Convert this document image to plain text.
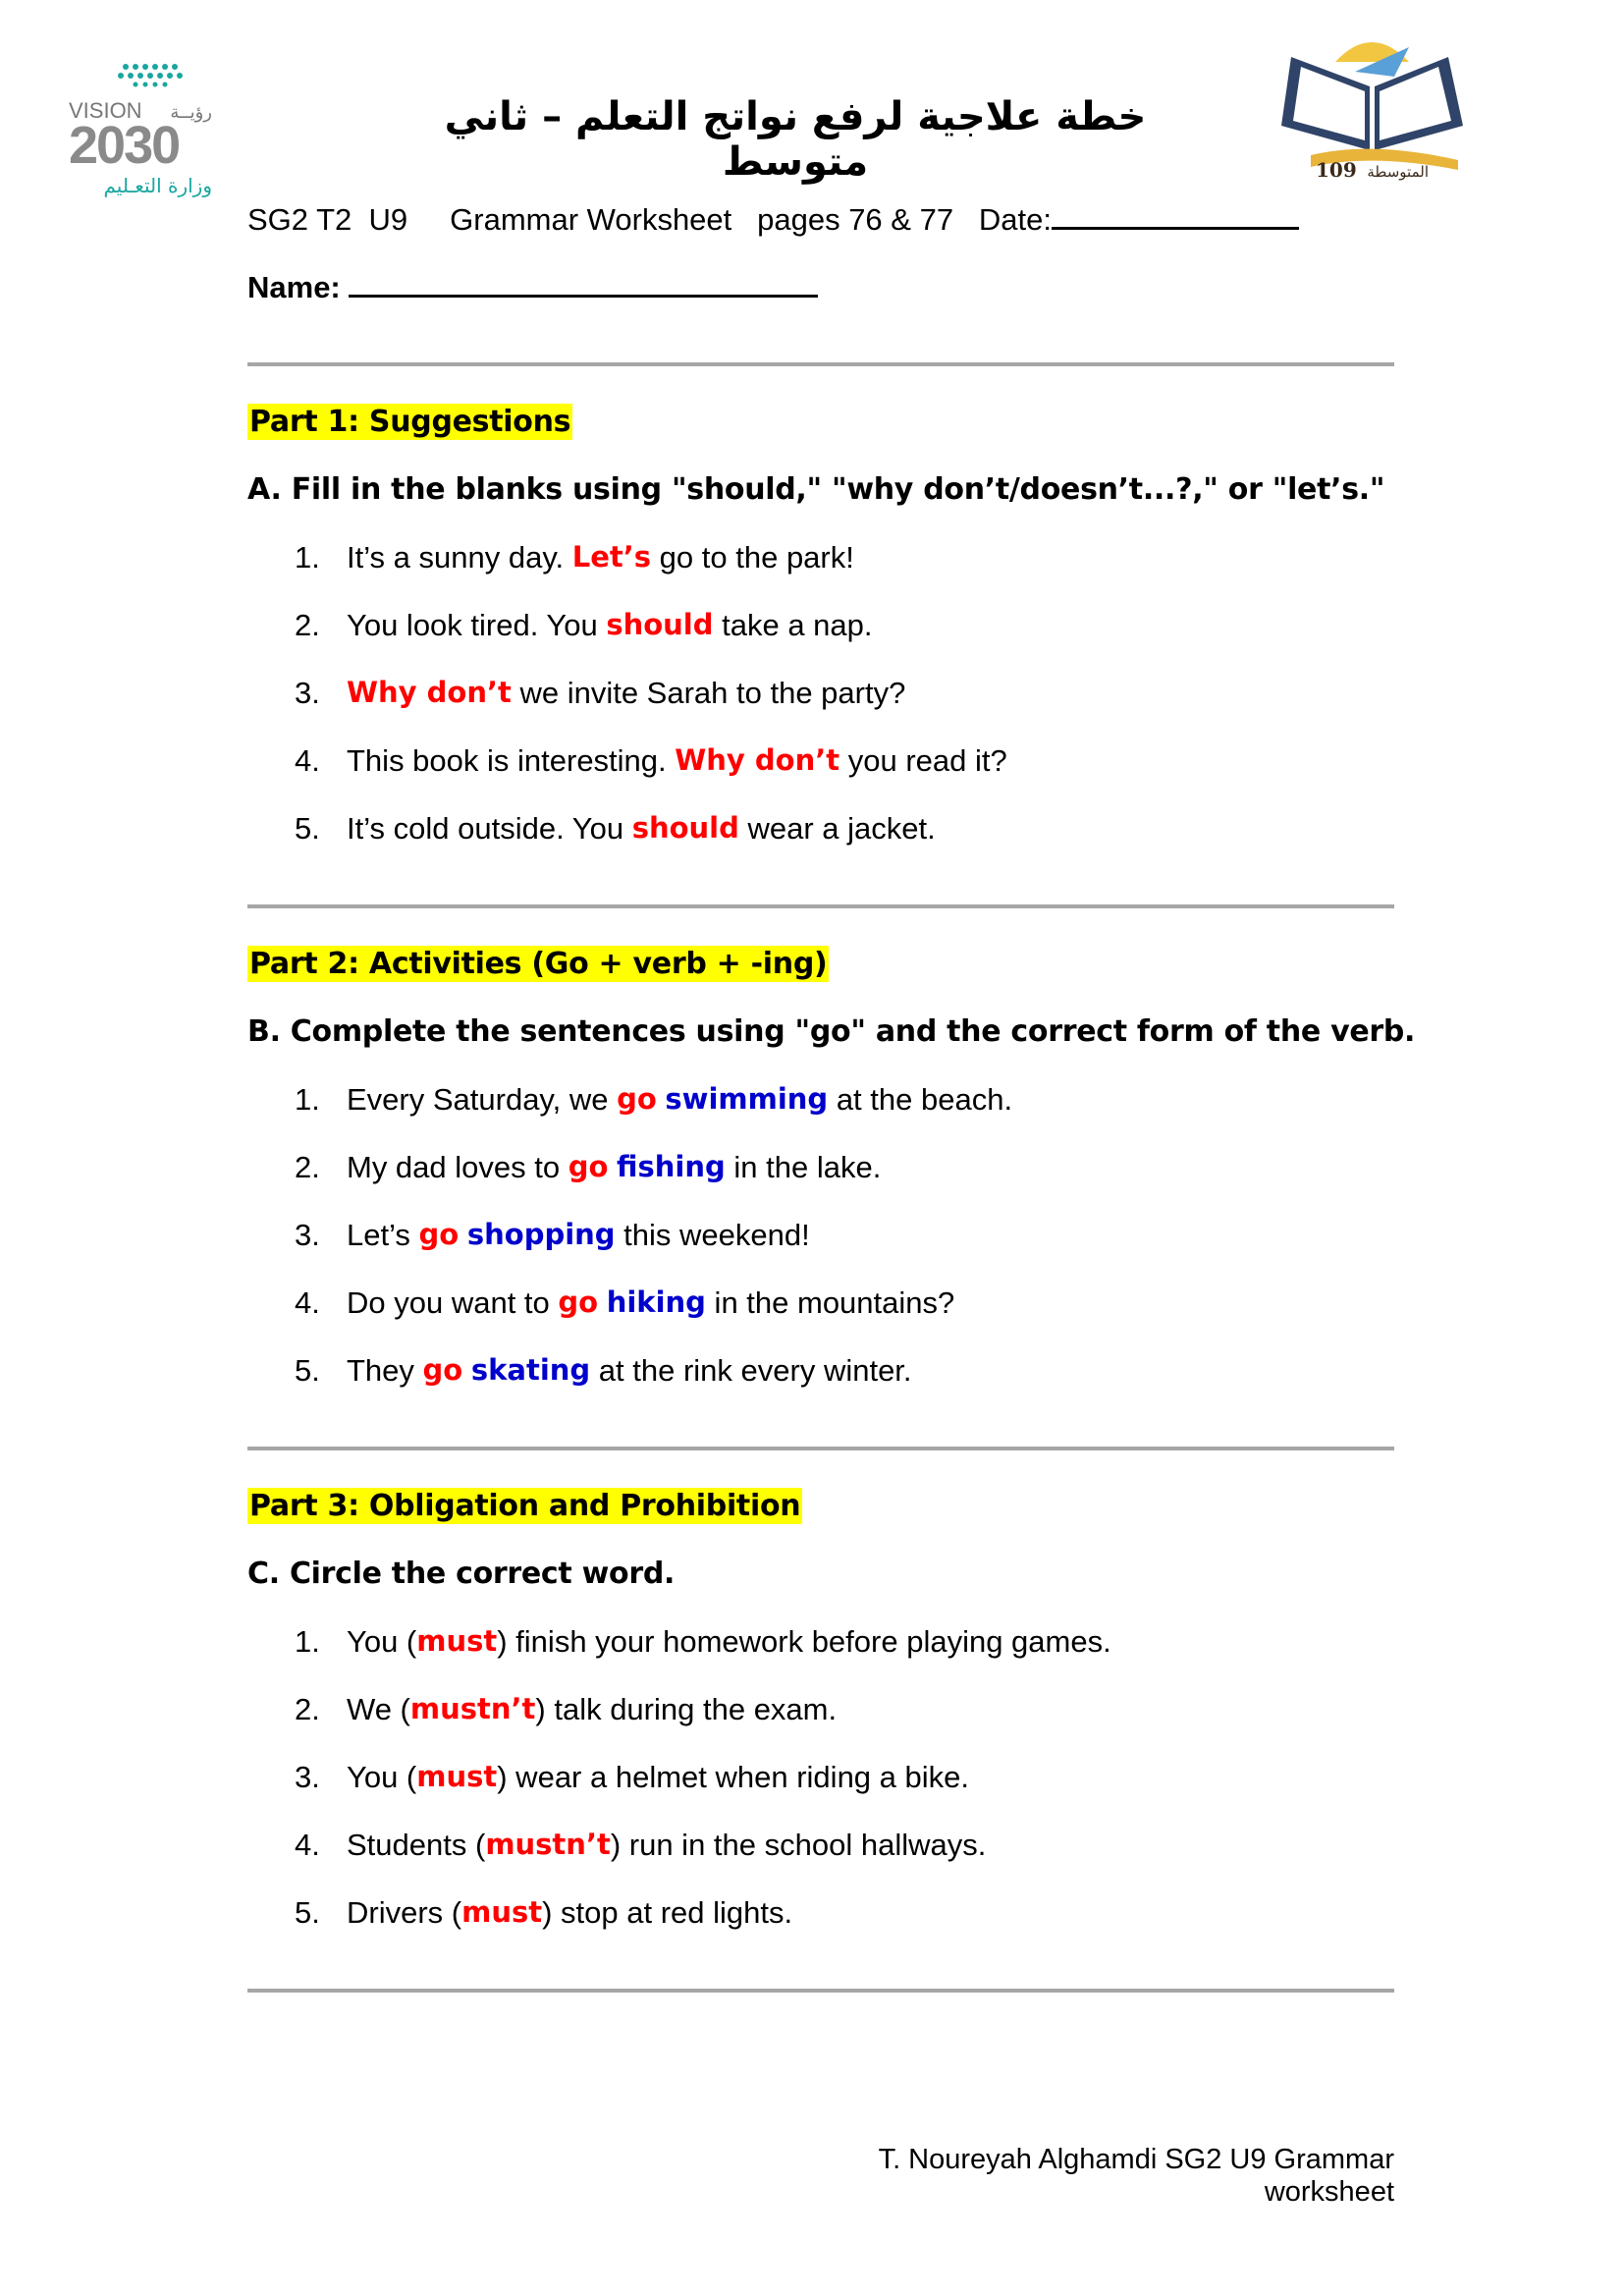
VISION رؤيــة
2030
وزارة التعـليم
109 المتوسطة
خطة علاجية لرفع نواتج التعلم – ثاني متوسط
SG2 T2  U9     Grammar Worksheet   pages 76 & 77   Date:
Name:
Part 1: Suggestions
A. Fill in the blanks using "should," "why don’t/doesn’t...?," or "let’s."
1. It’s a sunny day. Let’s go to the park!
2. You look tired. You should take a nap.
3. Why don’t we invite Sarah to the party?
4. This book is interesting. Why don’t you read it?
5. It’s cold outside. You should wear a jacket.
Part 2: Activities (Go + verb + -ing)
B. Complete the sentences using "go" and the correct form of the verb.
1. Every Saturday, we go
swimming at the beach.
2. My dad loves to go
fishing in the lake.
3. Let’s go
shopping this weekend!
4. Do you want to go
hiking in the mountains?
5. They go
skating at the rink every winter.
Part 3: Obligation and Prohibition
C. Circle the correct word.
1. You ( must ) finish your homework before playing games.
2. We ( mustn’t ) talk during the exam.
3. You ( must ) wear a helmet when riding a bike.
4. Students ( mustn’t ) run in the school hallways.
5. Drivers ( must ) stop at red lights.
T. Noureyah Alghamdi SG2 U9 Grammar worksheet
